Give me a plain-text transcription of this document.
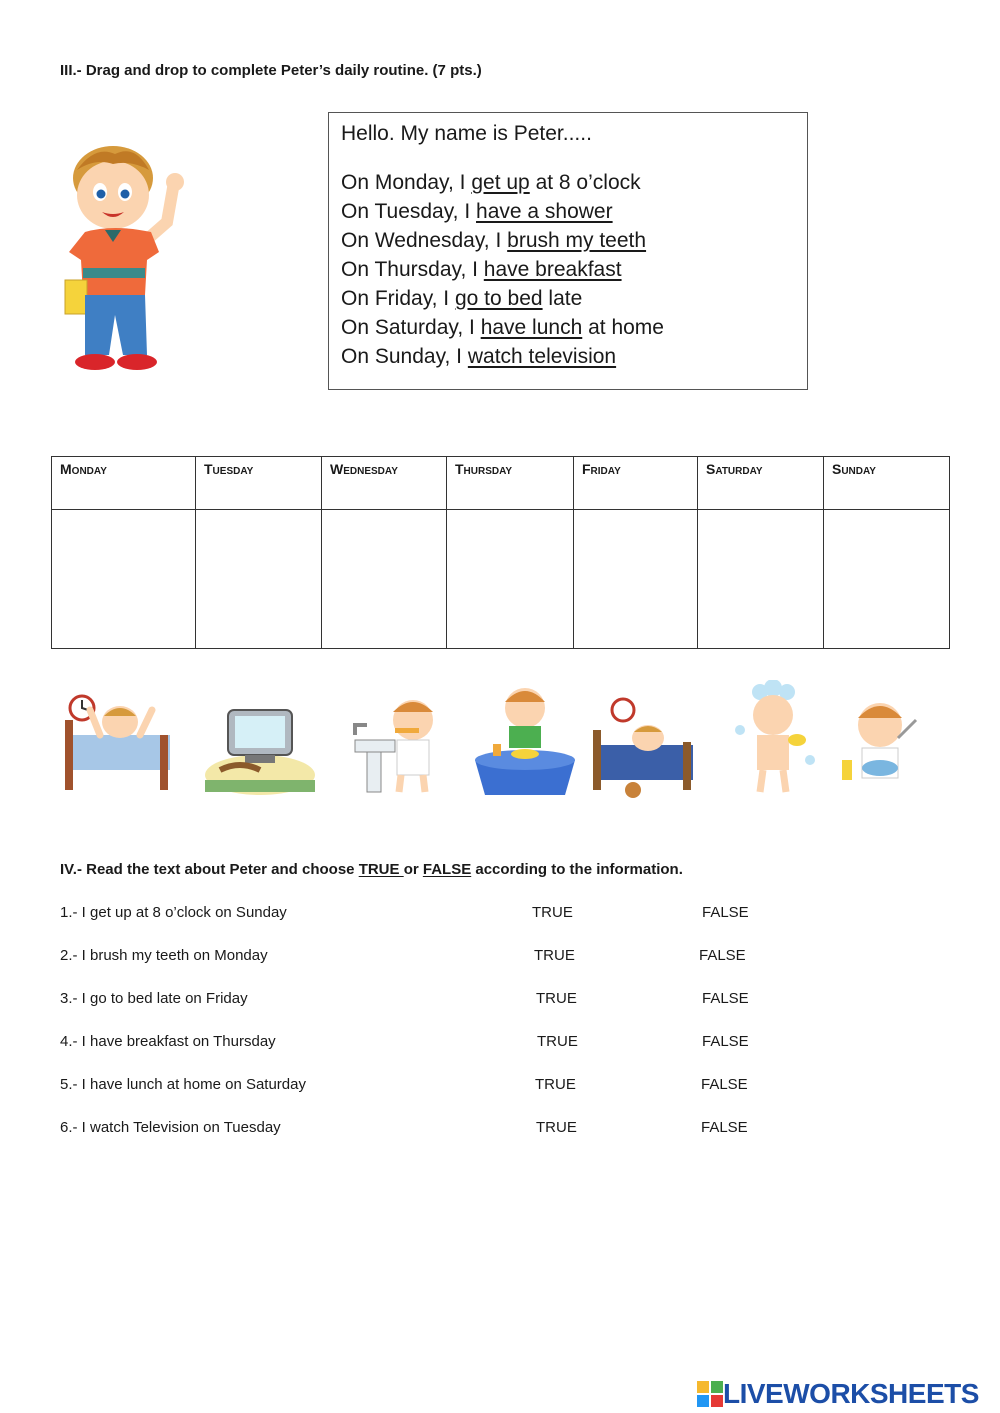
III.- Drag and drop to complete Peter’s daily routine. (7 pts.)
Hello. My name is Peter.....
On Monday, I get up at 8 o’clock
On Tuesday, I have a shower
On Wednesday, I brush my teeth
On Thursday, I have breakfast
On Friday, I go to bed late
On Saturday, I have lunch at home
On Sunday, I watch television
Monday	Tuesday	Wednesday	Thursday	Friday	Saturday	Sunday

IV.- Read the text about Peter and choose TRUE or FALSE according to the information.
1.- I get up at 8 o’clock on Sunday	TRUE	FALSE
2.- I brush my teeth on Monday	TRUE	FALSE
3.- I go to bed late on Friday	TRUE	FALSE
4.- I have breakfast on Thursday	TRUE	FALSE
5.- I have lunch at home on Saturday	TRUE	FALSE
6.- I watch Television on Tuesday	TRUE	FALSE
LIVEWORKSHEETS
